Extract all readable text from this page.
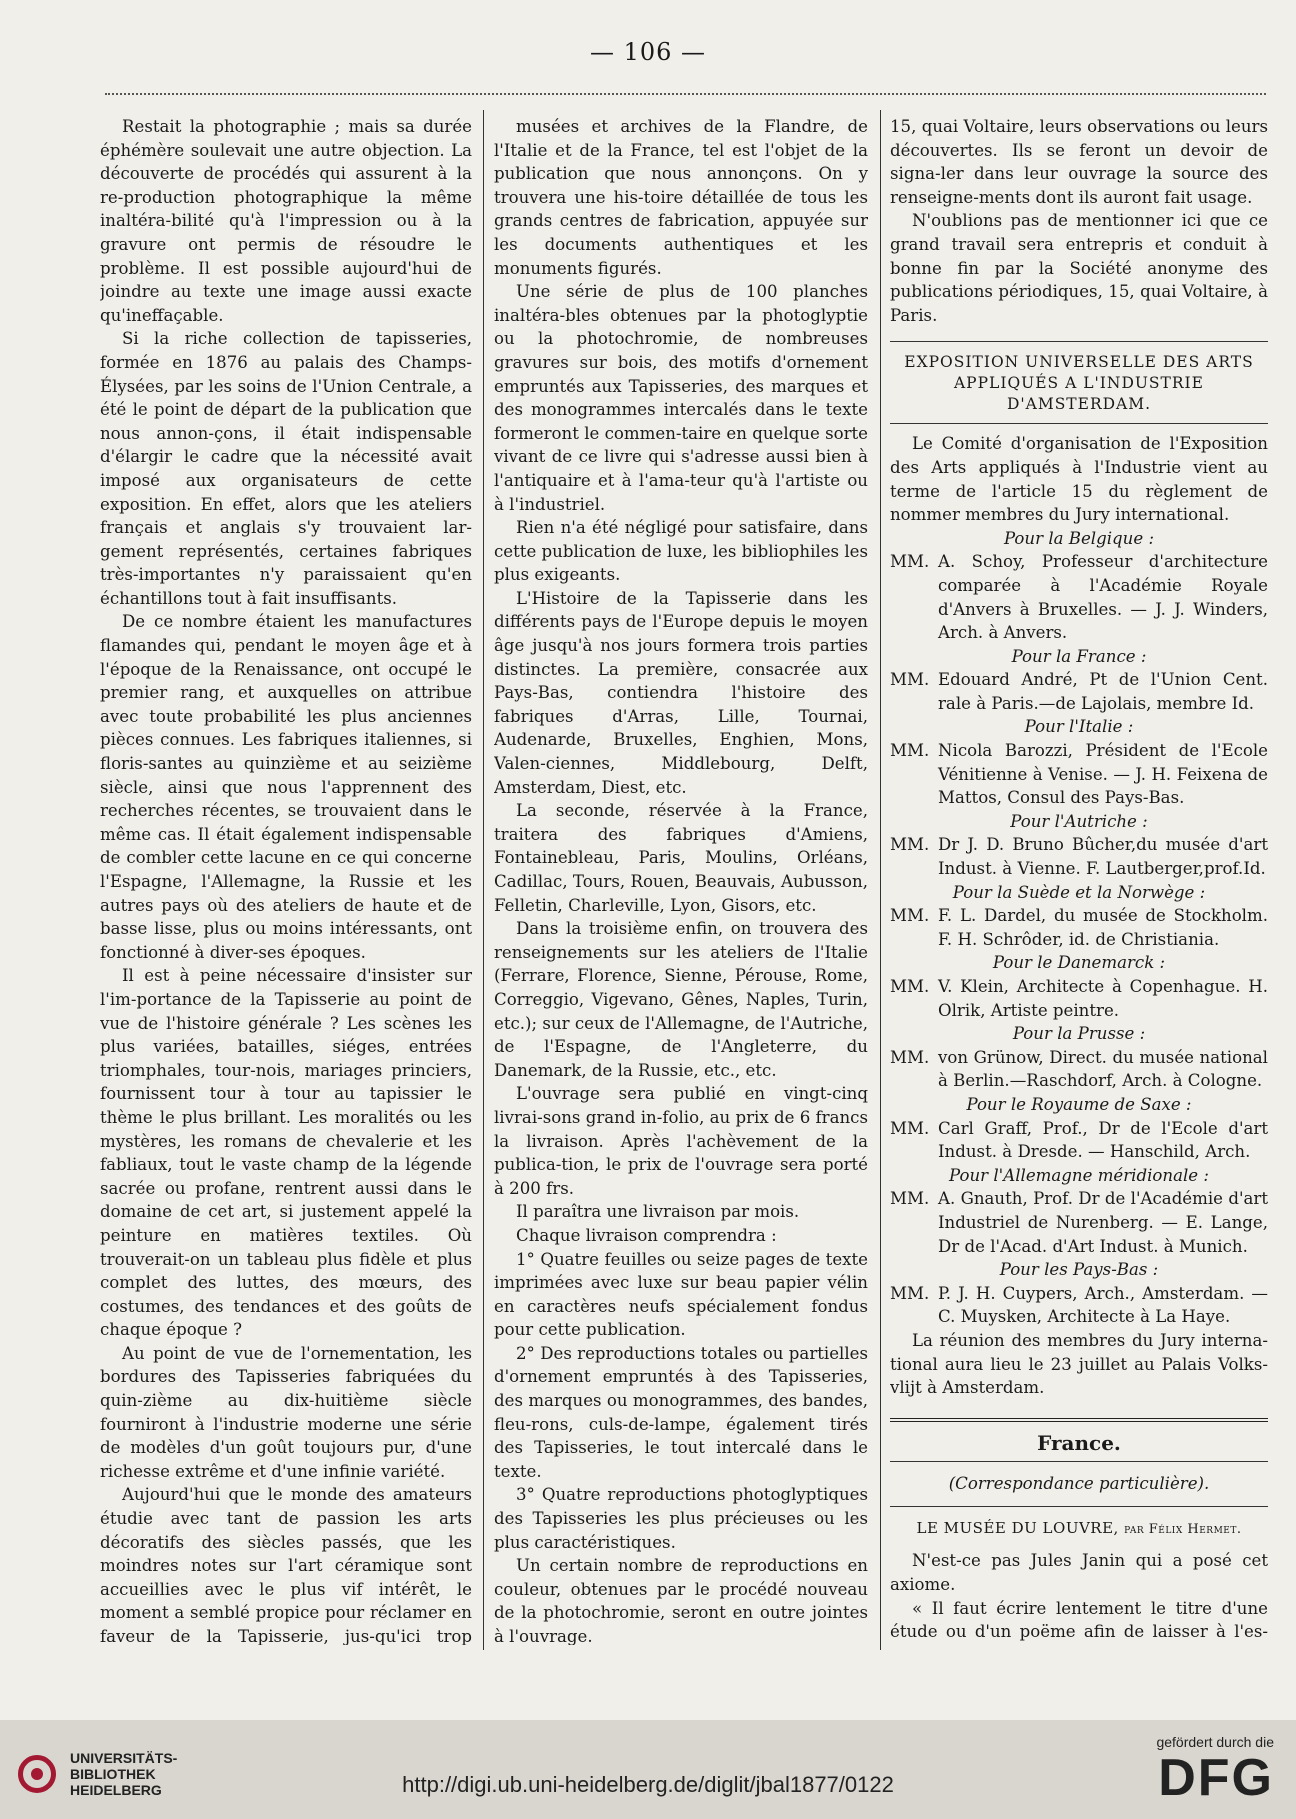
— 106 —

Restait la photographie ; mais sa durée éphémère soulevait une autre objection. La découverte de procédés qui assurent à la re-production photographique la même inaltéra-bilité qu'à l'impression ou à la gravure ont permis de résoudre le problème. Il est possible aujourd'hui de joindre au texte une image aussi exacte qu'ineffaçable.

Si la riche collection de tapisseries, formée en 1876 au palais des Champs-Élysées, par les soins de l'Union Centrale, a été le point de départ de la publication que nous annon-çons, il était indispensable d'élargir le cadre que la nécessité avait imposé aux organisateurs de cette exposition. En effet, alors que les ateliers français et anglais s'y trouvaient lar-gement représentés, certaines fabriques très-importantes n'y paraissaient qu'en échantillons tout à fait insuffisants.

De ce nombre étaient les manufactures flamandes qui, pendant le moyen âge et à l'époque de la Renaissance, ont occupé le premier rang, et auxquelles on attribue avec toute probabilité les plus anciennes pièces connues. Les fabriques italiennes, si floris-santes au quinzième et au seizième siècle, ainsi que nous l'apprennent des recherches récentes, se trouvaient dans le même cas. Il était également indispensable de combler cette lacune en ce qui concerne l'Espagne, l'Allemagne, la Russie et les autres pays où des ateliers de haute et de basse lisse, plus ou moins intéressants, ont fonctionné à diver-ses époques.

Il est à peine nécessaire d'insister sur l'im-portance de la Tapisserie au point de vue de l'histoire générale ? Les scènes les plus variées, batailles, siéges, entrées triomphales, tour-nois, mariages princiers, fournissent tour à tour au tapissier le thème le plus brillant. Les moralités ou les mystères, les romans de chevalerie et les fabliaux, tout le vaste champ de la légende sacrée ou profane, rentrent aussi dans le domaine de cet art, si justement appelé la peinture en matières textiles. Où trouverait-on un tableau plus fidèle et plus complet des luttes, des mœurs, des costumes, des tendances et des goûts de chaque époque ?

Au point de vue de l'ornementation, les bordures des Tapisseries fabriquées du quin-zième au dix-huitième siècle fourniront à l'industrie moderne une série de modèles d'un goût toujours pur, d'une richesse extrême et d'une infinie variété.

Aujourd'hui que le monde des amateurs étudie avec tant de passion les arts décoratifs des siècles passés, que les moindres notes sur l'art céramique sont accueillies avec le plus vif intérêt, le moment a semblé propice pour réclamer en faveur de la Tapisserie, jus-qu'ici trop

musées et archives de la Flandre, de l'Italie et de la France, tel est l'objet de la publication que nous annonçons. On y trouvera une his-toire détaillée de tous les grands centres de fabrication, appuyée sur les documents authentiques et les monuments figurés.

Une série de plus de 100 planches inaltéra-bles obtenues par la photoglyptie ou la photochromie, de nombreuses gravures sur bois, des motifs d'ornement empruntés aux Tapisseries, des marques et des monogrammes intercalés dans le texte formeront le commen-taire en quelque sorte vivant de ce livre qui s'adresse aussi bien à l'antiquaire et à l'ama-teur qu'à l'artiste ou à l'industriel.

Rien n'a été négligé pour satisfaire, dans cette publication de luxe, les bibliophiles les plus exigeants.

L'Histoire de la Tapisserie dans les différents pays de l'Europe depuis le moyen âge jusqu'à nos jours formera trois parties distinctes. La première, consacrée aux Pays-Bas, contiendra l'histoire des fabriques d'Arras, Lille, Tournai, Audenarde, Bruxelles, Enghien, Mons, Valen-ciennes, Middlebourg, Delft, Amsterdam, Diest, etc.

La seconde, réservée à la France, traitera des fabriques d'Amiens, Fontainebleau, Paris, Moulins, Orléans, Cadillac, Tours, Rouen, Beauvais, Aubusson, Felletin, Charleville, Lyon, Gisors, etc.

Dans la troisième enfin, on trouvera des renseignements sur les ateliers de l'Italie (Ferrare, Florence, Sienne, Pérouse, Rome, Correggio, Vigevano, Gênes, Naples, Turin, etc.); sur ceux de l'Allemagne, de l'Autriche, de l'Espagne, de l'Angleterre, du Danemark, de la Russie, etc., etc.

L'ouvrage sera publié en vingt-cinq livrai-sons grand in-folio, au prix de 6 francs la livraison. Après l'achèvement de la publica-tion, le prix de l'ouvrage sera porté à 200 frs.

Il paraîtra une livraison par mois.

Chaque livraison comprendra :

1° Quatre feuilles ou seize pages de texte imprimées avec luxe sur beau papier vélin en caractères neufs spécialement fondus pour cette publication.

2° Des reproductions totales ou partielles d'ornement empruntés à des Tapisseries, des marques ou monogrammes, des bandes, fleu-rons, culs-de-lampe, également tirés des Tapisseries, le tout intercalé dans le texte.

3° Quatre reproductions photoglyptiques des Tapisseries les plus précieuses ou les plus caractéristiques.

Un certain nombre de reproductions en couleur, obtenues par le procédé nouveau de la photochromie, seront en outre jointes à l'ouvrage.

15, quai Voltaire, leurs observations ou leurs découvertes. Ils se feront un devoir de signa-ler dans leur ouvrage la source des renseigne-ments dont ils auront fait usage.

N'oublions pas de mentionner ici que ce grand travail sera entrepris et conduit à bonne fin par la Société anonyme des publications périodiques, 15, quai Voltaire, à Paris.

EXPOSITION UNIVERSELLE DES ARTS APPLIQUÉS A L'INDUSTRIE D'AMSTERDAM.

Le Comité d'organisation de l'Exposition des Arts appliqués à l'Industrie vient au terme de l'article 15 du règlement de nommer membres du Jury international.

Pour la Belgique :
MM. A. Schoy, Professeur d'architecture comparée à l'Académie Royale d'Anvers à Bruxelles. — J. J. Winders, Arch. à Anvers.
Pour la France :
MM. Edouard André, Pt de l'Union Cent. rale à Paris.—de Lajolais, membre Id.
Pour l'Italie :
MM. Nicola Barozzi, Président de l'Ecole Vénitienne à Venise. — J. H. Feixena de Mattos, Consul des Pays-Bas.
Pour l'Autriche :
MM. Dr J. D. Bruno Bûcher,du musée d'art Indust. à Vienne. F. Lautberger,prof.Id.
Pour la Suède et la Norwège :
MM. F. L. Dardel, du musée de Stockholm. F. H. Schrôder, id. de Christiania.
Pour le Danemarck :
MM. V. Klein, Architecte à Copenhague. H. Olrik, Artiste peintre.
Pour la Prusse :
MM. von Grünow, Direct. du musée national à Berlin.—Raschdorf, Arch. à Cologne.
Pour le Royaume de Saxe :
MM. Carl Graff, Prof., Dr de l'Ecole d'art Indust. à Dresde. — Hanschild, Arch.
Pour l'Allemagne méridionale :
MM. A. Gnauth, Prof. Dr de l'Académie d'art Industriel de Nurenberg. — E. Lange, Dr de l'Acad. d'Art Indust. à Munich.
Pour les Pays-Bas :
MM. P. J. H. Cuypers, Arch., Amsterdam. — C. Muysken, Architecte à La Haye.

La réunion des membres du Jury interna-tional aura lieu le 23 juillet au Palais Volks-vlijt à Amsterdam.

France.
(Correspondance particulière).
LE MUSÉE DU LOUVRE, par Félix Hermet.

N'est-ce pas Jules Janin qui a posé cet axiome.

« Il faut écrire lentement le titre d'une étude ou d'un poëme afin de laisser à l'es-

UNIVERSITÄTS-
BIBLIOTHEK
HEIDELBERG	http://digi.ub.uni-heidelberg.de/diglit/jbal1877/0122
gefördert durch die
DFG
